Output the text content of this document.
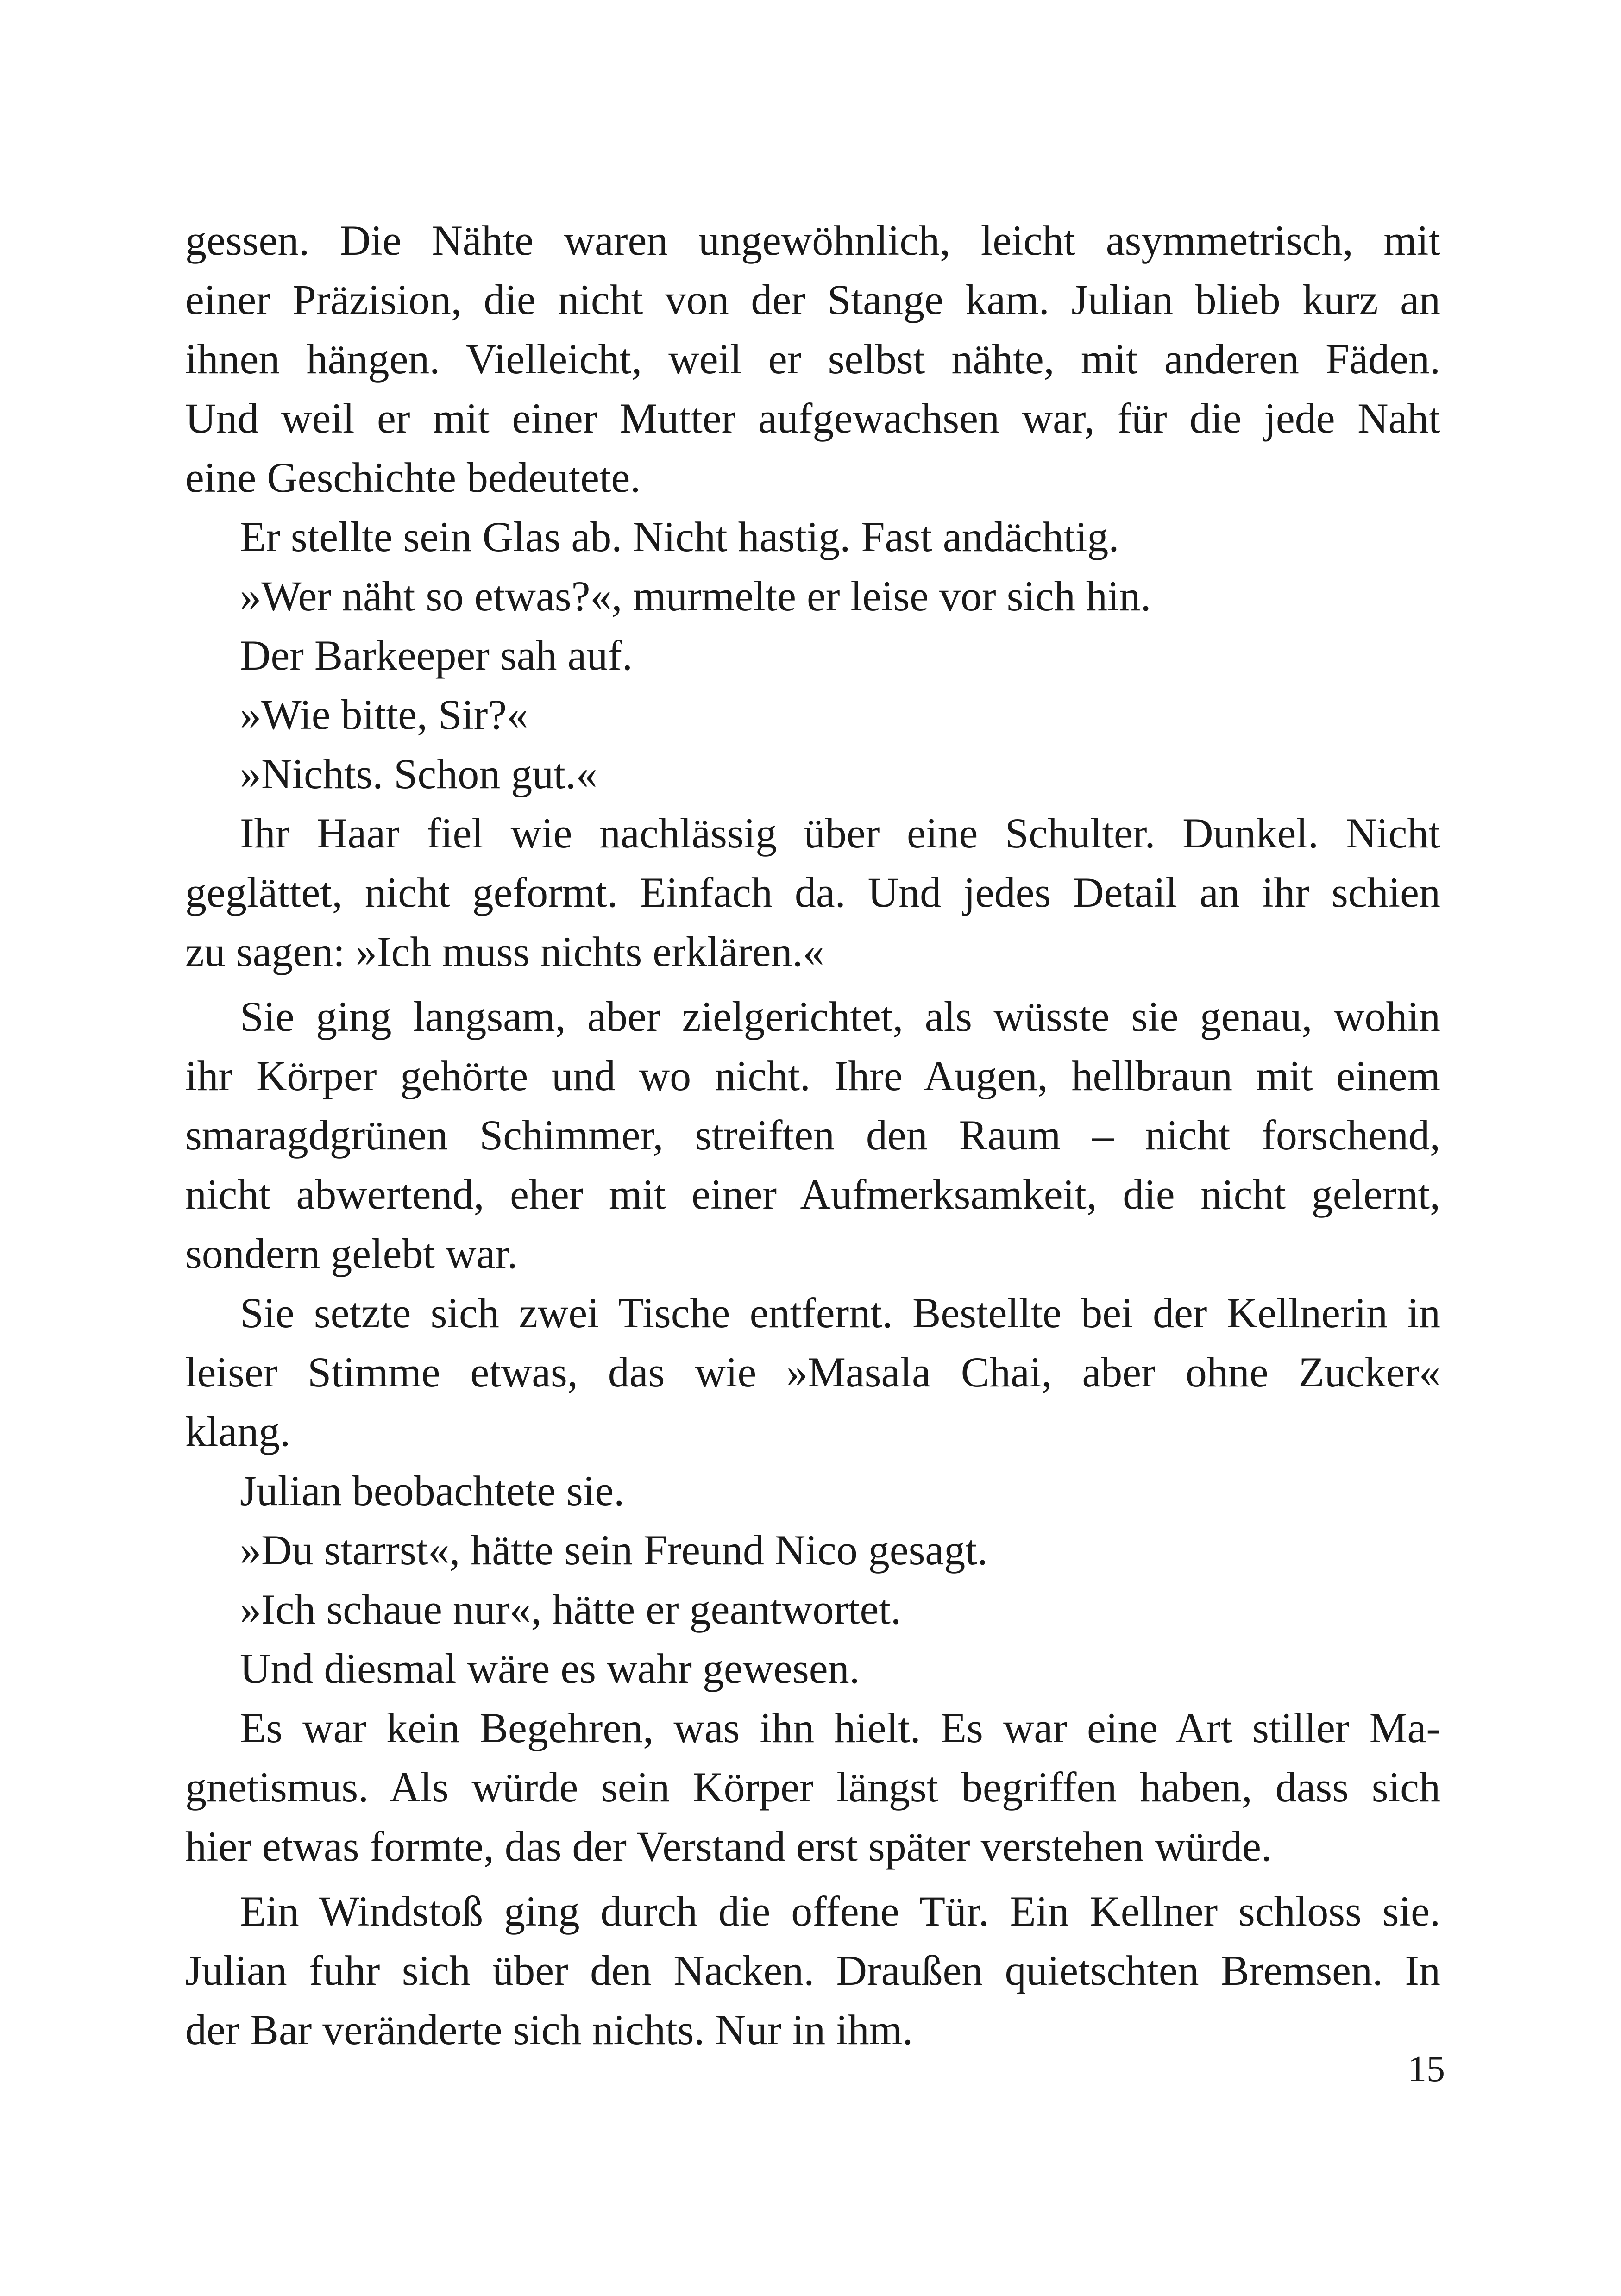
gessen. Die Nähte waren ungewöhnlich, leicht asymmetrisch, mit
einer Präzision, die nicht von der Stange kam. Julian blieb kurz an
ihnen hängen. Vielleicht, weil er selbst nähte, mit anderen Fäden.
Und weil er mit einer Mutter aufgewachsen war, für die jede Naht
eine Geschichte bedeutete.
Er stellte sein Glas ab. Nicht hastig. Fast andächtig.
»Wer näht so etwas?«, murmelte er leise vor sich hin.
Der Barkeeper sah auf.
»Wie bitte, Sir?«
»Nichts. Schon gut.«
Ihr Haar fiel wie nachlässig über eine Schulter. Dunkel. Nicht
geglättet, nicht geformt. Einfach da. Und jedes Detail an ihr schien
zu sagen: »Ich muss nichts erklären.«
Sie ging langsam, aber zielgerichtet, als wüsste sie genau, wohin
ihr Körper gehörte und wo nicht. Ihre Augen, hellbraun mit einem
smaragdgrünen Schimmer, streiften den Raum – nicht forschend,
nicht abwertend, eher mit einer Aufmerksamkeit, die nicht gelernt,
sondern gelebt war.
Sie setzte sich zwei Tische entfernt. Bestellte bei der Kellnerin in
leiser Stimme etwas, das wie »Masala Chai, aber ohne Zucker«
klang.
Julian beobachtete sie.
»Du starrst«, hätte sein Freund Nico gesagt.
»Ich schaue nur«, hätte er geantwortet.
Und diesmal wäre es wahr gewesen.
Es war kein Begehren, was ihn hielt. Es war eine Art stiller Ma-
gnetismus. Als würde sein Körper längst begriffen haben, dass sich
hier etwas formte, das der Verstand erst später verstehen würde.
Ein Windstoß ging durch die offene Tür. Ein Kellner schloss sie.
Julian fuhr sich über den Nacken. Draußen quietschten Bremsen. In
der Bar veränderte sich nichts. Nur in ihm.
15
